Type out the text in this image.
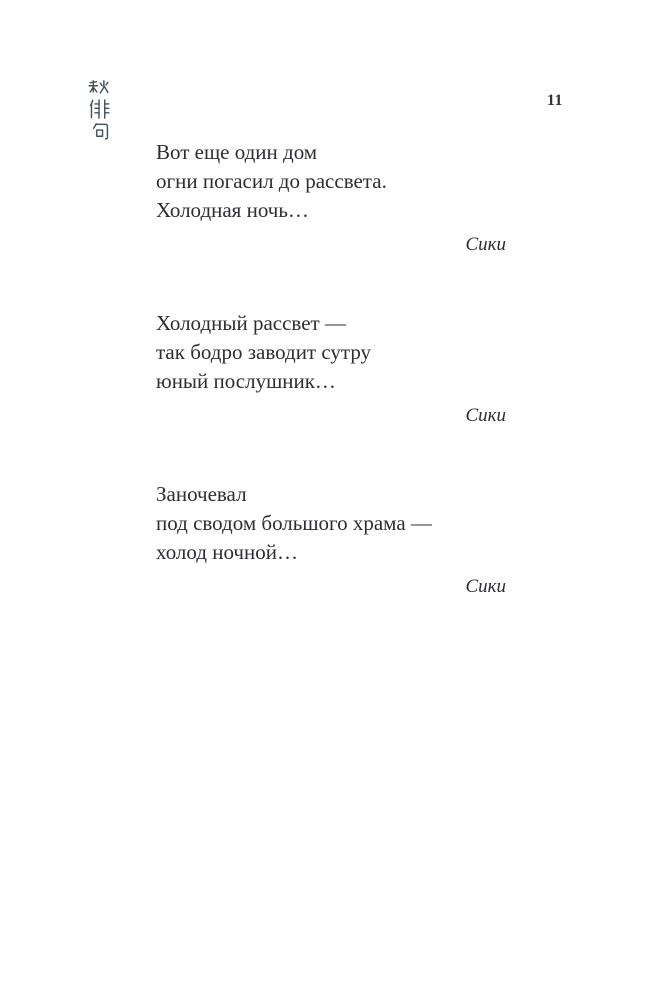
11
Вот еще один дом
огни погасил до рассвета.
Холодная ночь…
Сики
Холодный рассвет —
так бодро заводит сутру
юный послушник…
Сики
Заночевал
под сводом большого храма —
холод ночной…
Сики
